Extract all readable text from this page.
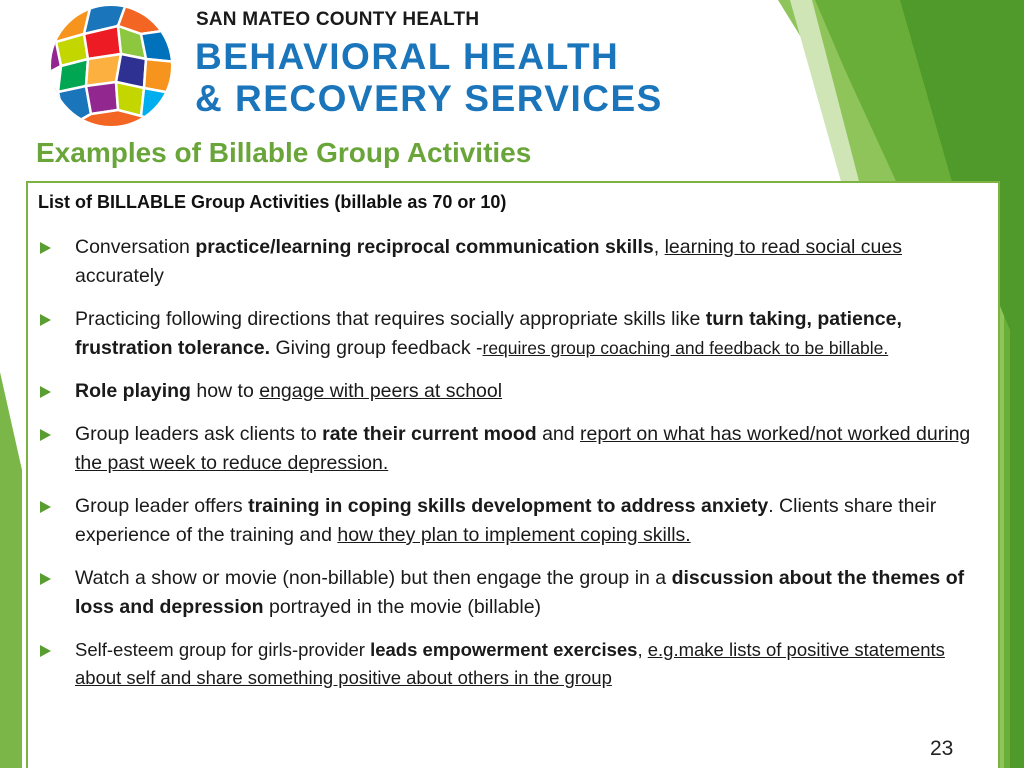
SAN MATEO COUNTY HEALTH
BEHAVIORAL HEALTH
& RECOVERY SERVICES
Examples of Billable Group Activities
List of BILLABLE Group Activities (billable as 70 or 10)
Conversation practice/learning reciprocal communication skills, learning to read social cues accurately
Practicing following directions that requires socially appropriate skills like turn taking, patience, frustration tolerance. Giving group feedback -requires group coaching and feedback to be billable.
Role playing how to engage with peers at school
Group leaders ask clients to rate their current mood and report on what has worked/not worked during the past week to reduce depression.
Group leader offers training in coping skills development to address anxiety. Clients share their experience of the training and how they plan to implement coping skills.
Watch a show or movie (non-billable) but then engage the group in a discussion about the themes of loss and depression portrayed in the movie (billable)
Self-esteem group for girls-provider leads empowerment exercises, e.g.make lists of positive statements about self and share something positive about others in the group
23
